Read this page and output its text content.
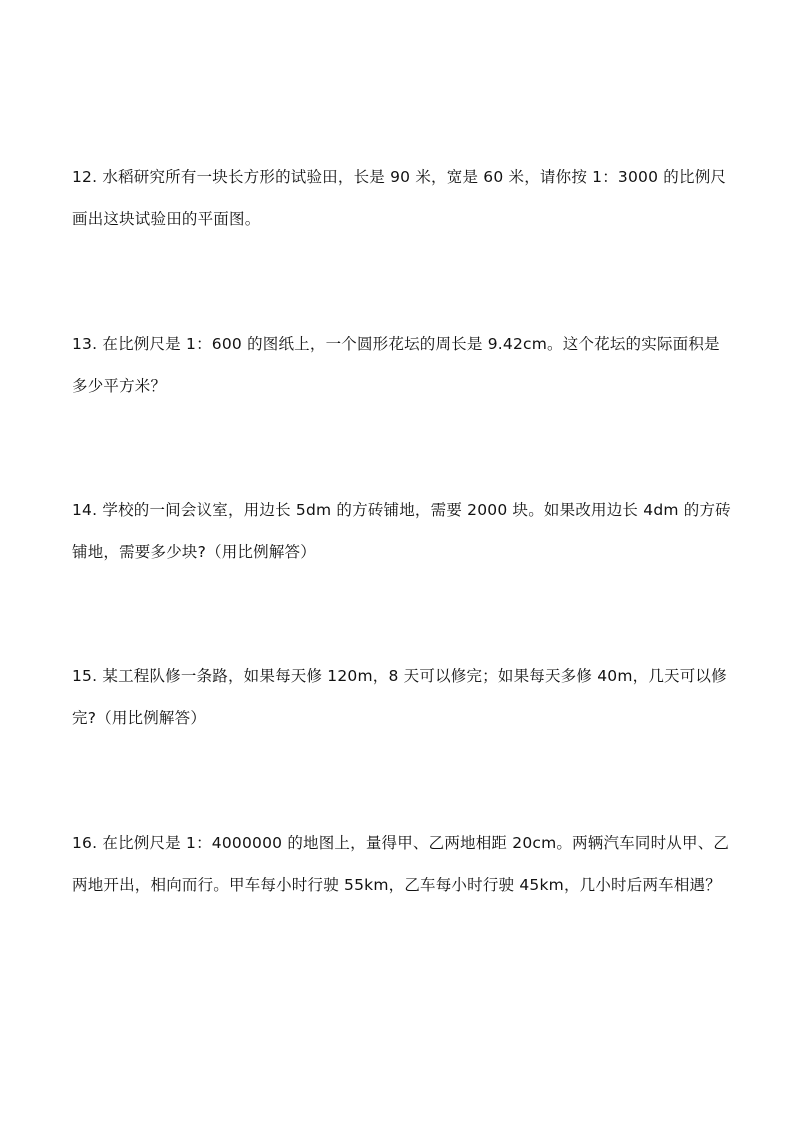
12. 水稻研究所有一块长方形的试验田，长是 90 米，宽是 60 米，请你按 1：3000 的比例尺
画出这块试验田的平面图。
13. 在比例尺是 1：600 的图纸上，一个圆形花坛的周长是 9.42cm。这个花坛的实际面积是
多少平方米？
14. 学校的一间会议室，用边长 5dm 的方砖铺地，需要 2000 块。如果改用边长 4dm 的方砖
铺地，需要多少块?（用比例解答）
15. 某工程队修一条路，如果每天修 120m，8 天可以修完；如果每天多修 40m，几天可以修
完?（用比例解答）
16. 在比例尺是 1：4000000 的地图上，量得甲、乙两地相距 20cm。两辆汽车同时从甲、乙
两地开出，相向而行。甲车每小时行驶 55km，乙车每小时行驶 45km，几小时后两车相遇？
